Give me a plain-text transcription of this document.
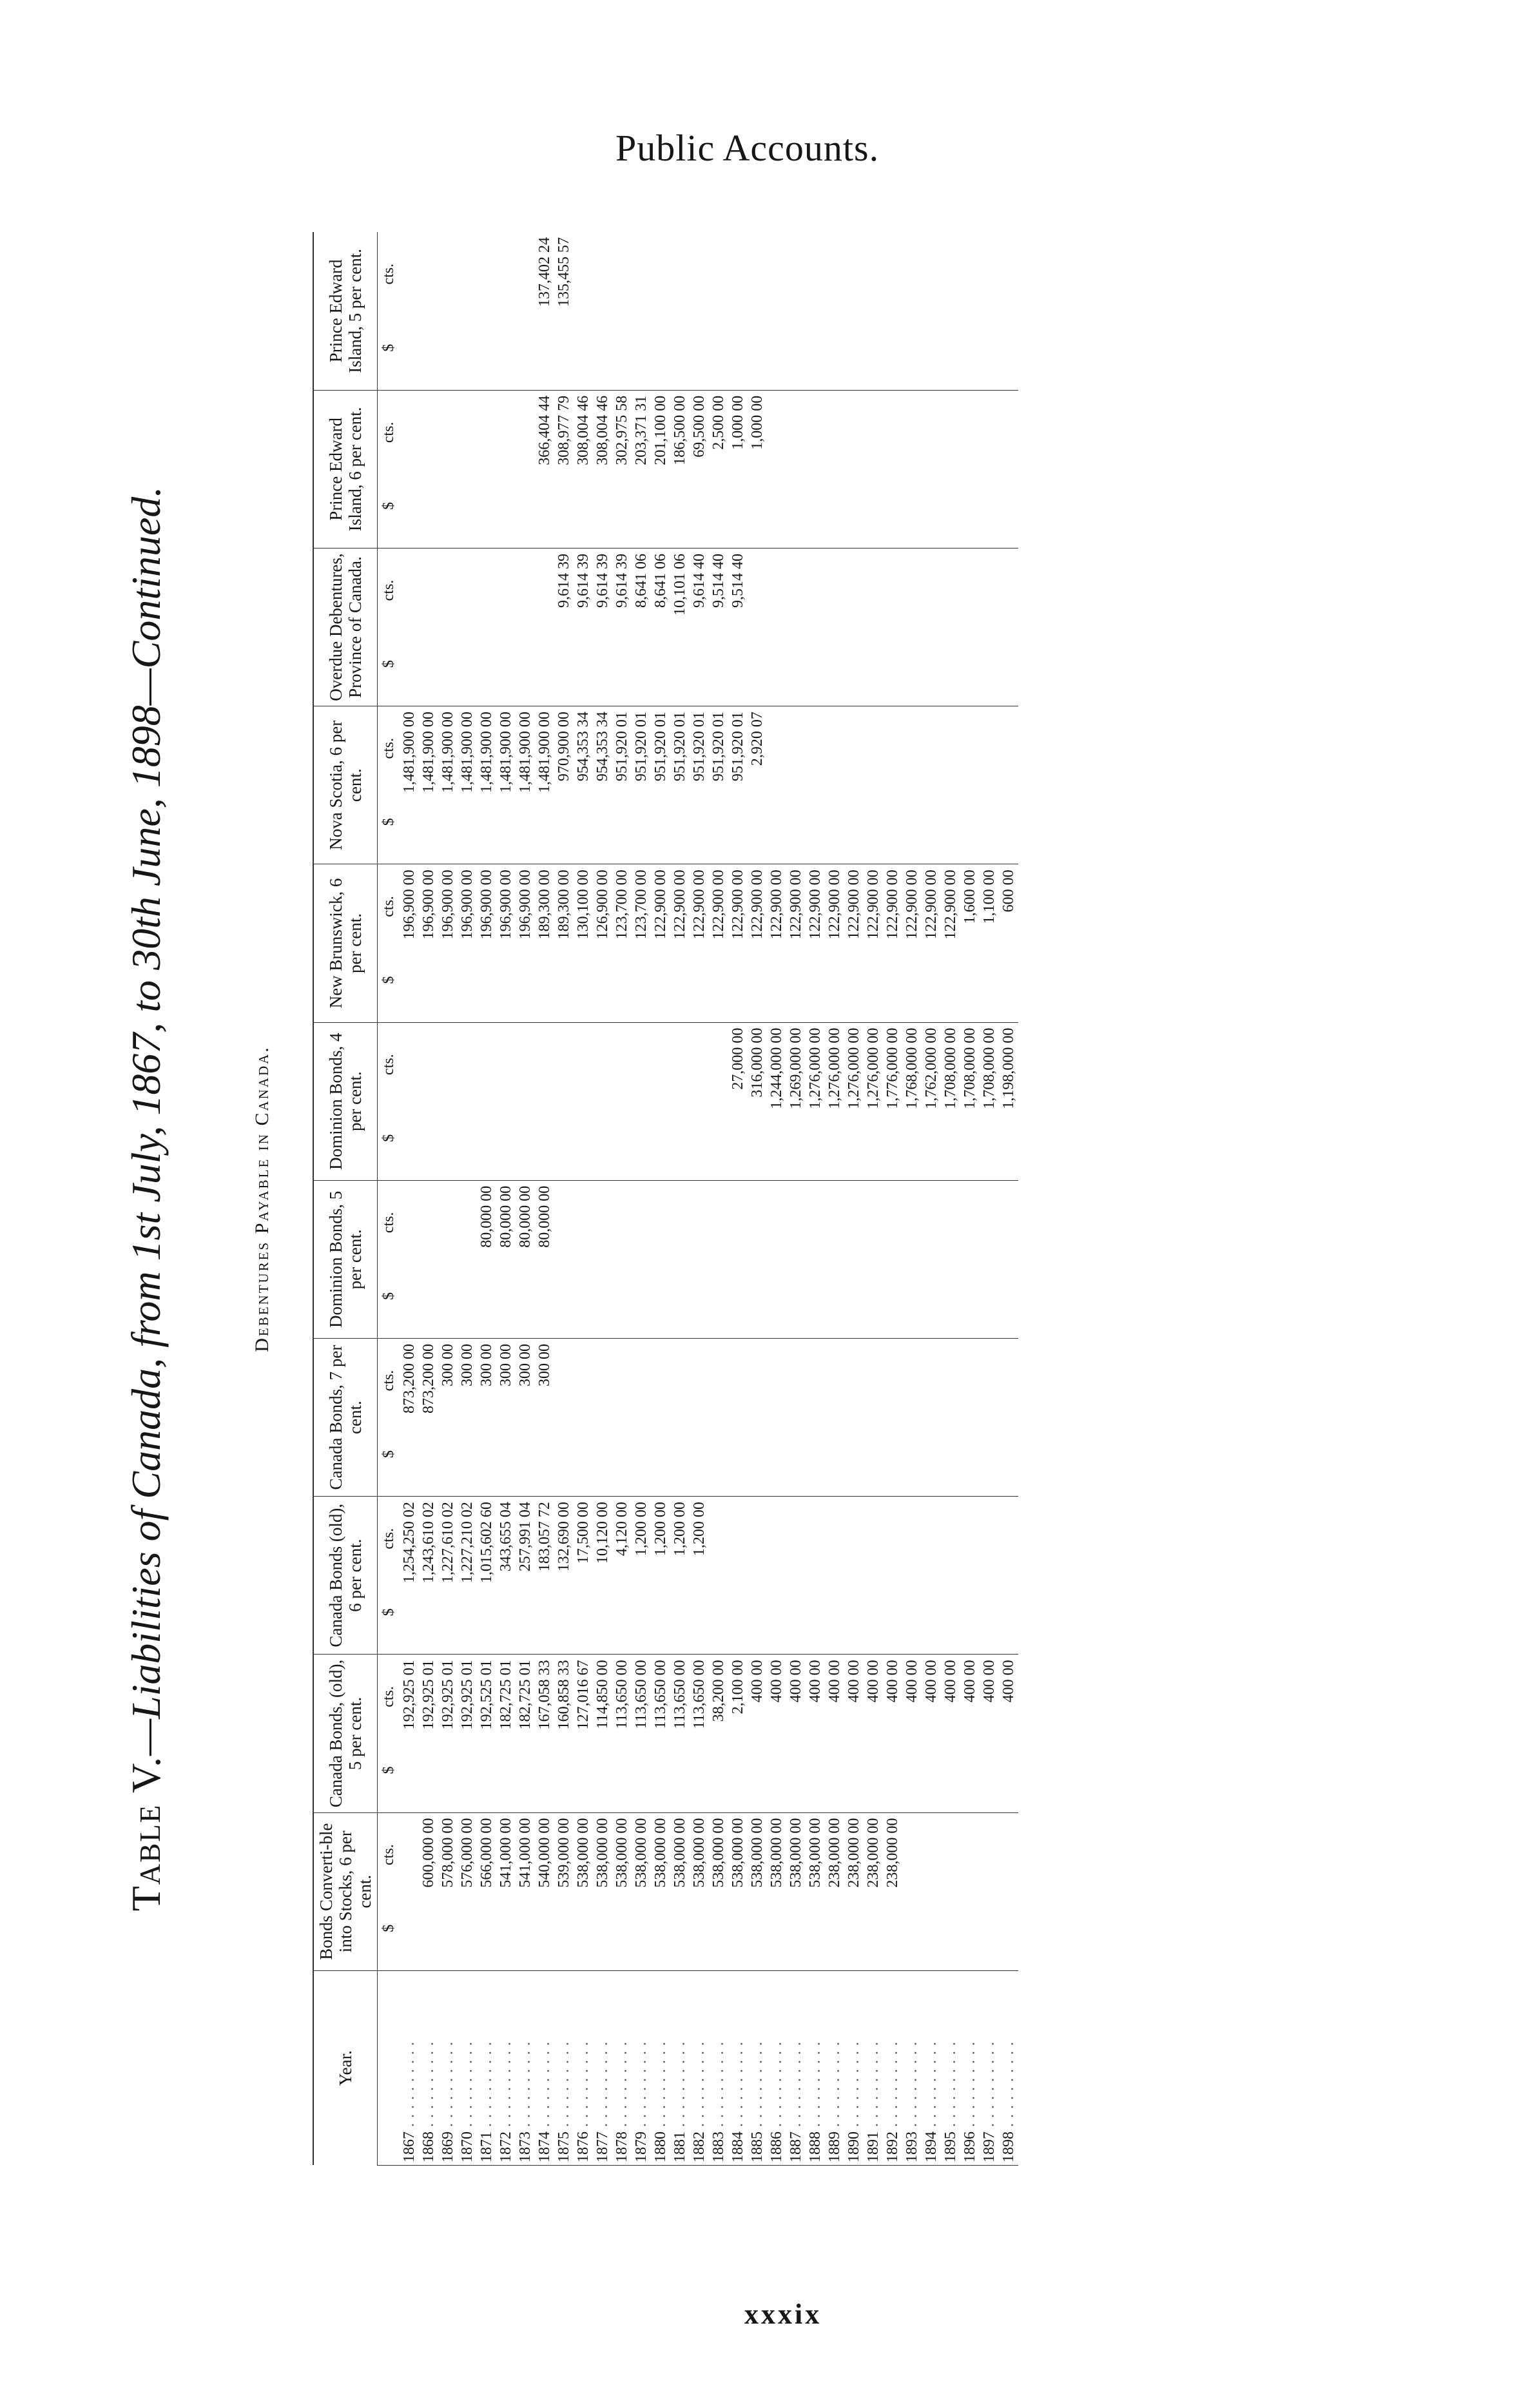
Public Accounts.
Table V.—Liabilities of Canada, from 1st July, 1867, to 30th June, 1898—Continued.	Debentures Payable in Canada.
Year.	Bonds Converti-ble into Stocks, 6 per cent.	Canada Bonds, (old), 5 per cent.	Canada Bonds (old), 6 per cent.	Canada Bonds, 7 per cent.	Dominion Bonds, 5 per cent.	Dominion Bonds, 4 per cent.	New Brunswick, 6 per cent.	Nova Scotia, 6 per cent.	Overdue Debentures, Province of Canada.	Prince Edward Island, 6 per cent.	Prince Edward Island, 5 per cent.
	$cts.	$cts.	$cts.	$cts.	$cts.	$cts.	$cts.	$cts.	$cts.	$cts.	$cts.
1867 . . . . . . . . . .		192,925 01	1,254,250 02	873,200 00			196,900 00	1,481,900 00			
1868 . . . . . . . . . .	600,000 00	192,925 01	1,243,610 02	873,200 00			196,900 00	1,481,900 00			
1869 . . . . . . . . . .	578,000 00	192,925 01	1,227,610 02	300 00			196,900 00	1,481,900 00			
1870 . . . . . . . . . .	576,000 00	192,925 01	1,227,210 02	300 00			196,900 00	1,481,900 00			
1871 . . . . . . . . . .	566,000 00	192,525 01	1,015,602 60	300 00	80,000 00		196,900 00	1,481,900 00			
1872 . . . . . . . . . .	541,000 00	182,725 01	343,655 04	300 00	80,000 00		196,900 00	1,481,900 00			
1873 . . . . . . . . . .	541,000 00	182,725 01	257,991 04	300 00	80,000 00		196,900 00	1,481,900 00			
1874 . . . . . . . . . .	540,000 00	167,058 33	183,057 72	300 00	80,000 00		189,300 00	1,481,900 00		366,404 44	137,402 24
1875 . . . . . . . . . .	539,000 00	160,858 33	132,690 00				189,300 00	970,900 00	9,614 39	308,977 79	135,455 57
1876 . . . . . . . . . .	538,000 00	127,016 67	17,500 00				130,100 00	954,353 34	9,614 39	308,004 46	
1877 . . . . . . . . . .	538,000 00	114,850 00	10,120 00				126,900 00	954,353 34	9,614 39	308,004 46	
1878 . . . . . . . . . .	538,000 00	113,650 00	4,120 00				123,700 00	951,920 01	9,614 39	302,975 58	
1879 . . . . . . . . . .	538,000 00	113,650 00	1,200 00				123,700 00	951,920 01	8,641 06	203,371 31	
1880 . . . . . . . . . .	538,000 00	113,650 00	1,200 00				122,900 00	951,920 01	8,641 06	201,100 00	
1881 . . . . . . . . . .	538,000 00	113,650 00	1,200 00				122,900 00	951,920 01	10,101 06	186,500 00	
1882 . . . . . . . . . .	538,000 00	113,650 00	1,200 00				122,900 00	951,920 01	9,614 40	69,500 00	
1883 . . . . . . . . . .	538,000 00	38,200 00					122,900 00	951,920 01	9,514 40	2,500 00	
1884 . . . . . . . . . .	538,000 00	2,100 00				27,000 00	122,900 00	951,920 01	9,514 40	1,000 00	
1885 . . . . . . . . . .	538,000 00	400 00				316,000 00	122,900 00	2,920 07		1,000 00	
1886 . . . . . . . . . .	538,000 00	400 00				1,244,000 00	122,900 00				
1887 . . . . . . . . . .	538,000 00	400 00				1,269,000 00	122,900 00				
1888 . . . . . . . . . .	538,000 00	400 00				1,276,000 00	122,900 00				
1889 . . . . . . . . . .	238,000 00	400 00				1,276,000 00	122,900 00				
1890 . . . . . . . . . .	238,000 00	400 00				1,276,000 00	122,900 00				
1891 . . . . . . . . . .	238,000 00	400 00				1,276,000 00	122,900 00				
1892 . . . . . . . . . .	238,000 00	400 00				1,776,000 00	122,900 00				
1893 . . . . . . . . . .		400 00				1,768,000 00	122,900 00				
1894 . . . . . . . . . .		400 00				1,762,000 00	122,900 00				
1895 . . . . . . . . . .		400 00				1,708,000 00	122,900 00				
1896 . . . . . . . . . .		400 00				1,708,000 00	1,600 00				
1897 . . . . . . . . . .		400 00				1,708,000 00	1,100 00				
1898 . . . . . . . . . .		400 00				1,198,000 00	600 00				
xxxix
